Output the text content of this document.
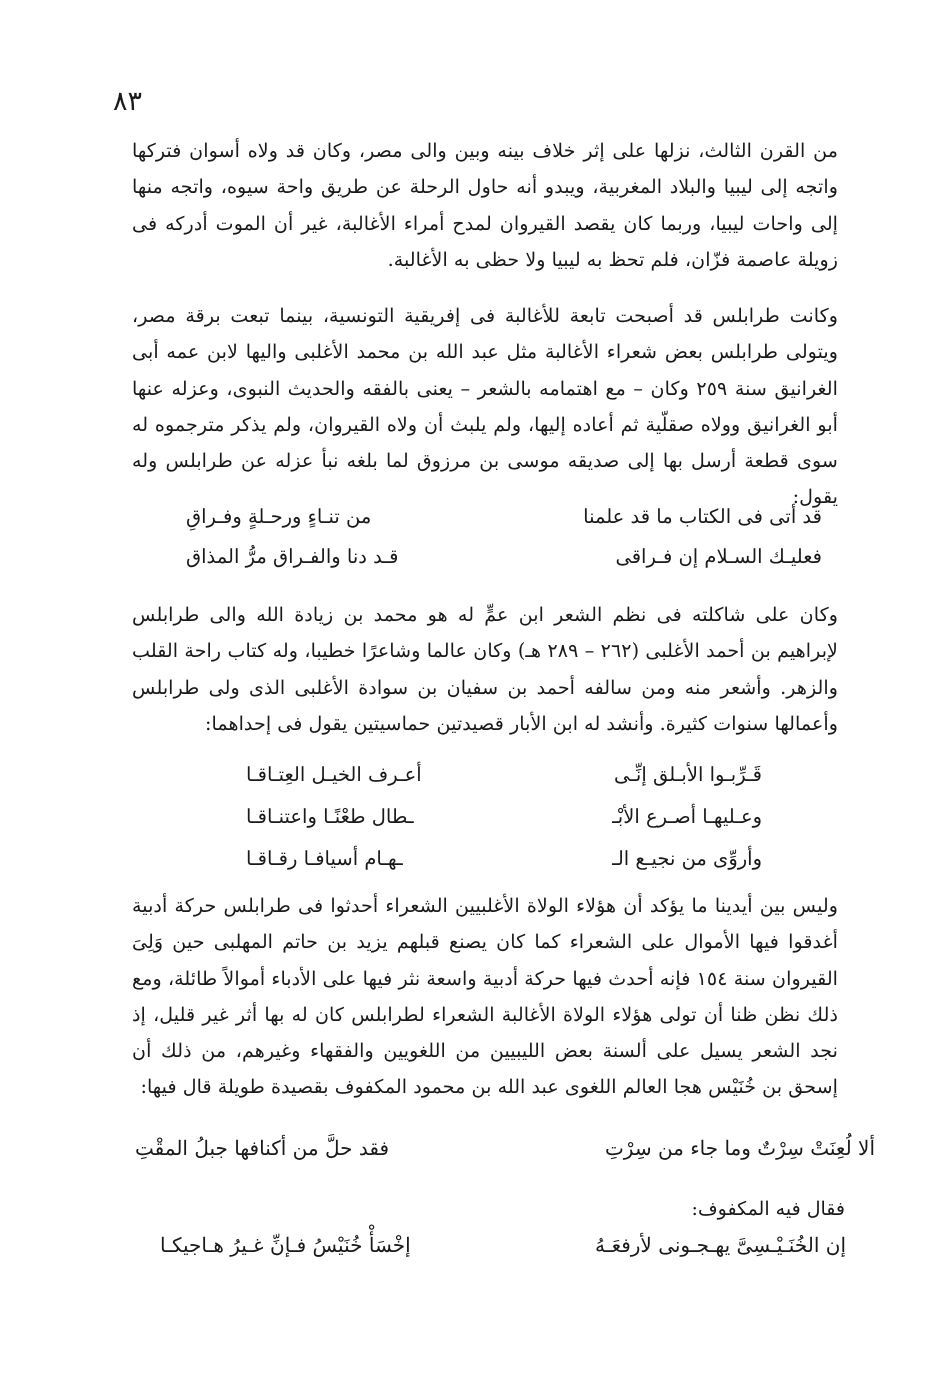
٨٣

من القرن الثالث، نزلها على إثر خلاف بينه وبين والى مصر، وكان قد ولاه أسوان فتركها واتجه إلى ليبيا والبلاد المغربية، ويبدو أنه حاول الرحلة عن طريق واحة سيوه، واتجه منها إلى واحات ليبيا، وربما كان يقصد القيروان لمدح أمراء الأغالبة، غير أن الموت أدركه فى زويلة عاصمة فزّان، فلم تحظ به ليبيا ولا حظى به الأغالبة.

وكانت طرابلس قد أصبحت تابعة للأغالبة فى إفريقية التونسية، بينما تبعت برقة مصر، ويتولى طرابلس بعض شعراء الأغالبة مثل عبد الله بن محمد الأغلبى واليها لابن عمه أبى الغرانيق سنة ٢٥٩ وكان – مع اهتمامه بالشعر – يعنى بالفقه والحديث النبوى، وعزله عنها أبو الغرانيق وولاه صقلّية ثم أعاده إليها، ولم يلبث أن ولاه القيروان، ولم يذكر مترجموه له سوى قطعة أرسل بها إلى صديقه موسى بن مرزوق لما بلغه نبأ عزله عن طرابلس وله يقول:

قد أتى فى الكتاب ما قد علمنا
من تنـاءٍ ورحـلةٍ وفـراقِ
فعليـك السـلام إن فـراقى
قـد دنا والفـراق مرُّ المذاق

وكان على شاكلته فى نظم الشعر ابن عمٍّ له هو محمد بن زيادة الله والى طرابلس لإبراهيم بن أحمد الأغلبى (٢٦٢ – ٢٨٩ هـ) وكان عالما وشاعرًا خطيبا، وله كتاب راحة القلب والزهر. وأشعر منه ومن سالفه أحمد بن سفيان بن سوادة الأغلبى الذى ولى طرابلس وأعمالها سنوات كثيرة. وأنشد له ابن الأبار قصيدتين حماسيتين يقول فى إحداهما:

قَـرِّبـوا الأبـلق إنِّـى
أعـرف الخيـل العِتـاقـا
وعـليهـا أصـرع الأبْـ
ـطال طعْنًـا واعتنـاقـا
وأروِّى من نجيـع الـ
ـهـام أسيافـا رقـاقـا

وليس بين أيدينا ما يؤكد أن هؤلاء الولاة الأغلبيين الشعراء أحدثوا فى طرابلس حركة أدبية أغدقوا فيها الأموال على الشعراء كما كان يصنع قبلهم يزيد بن حاتم المهلبى حين وَلِىَ القيروان سنة ١٥٤ فإنه أحدث فيها حركة أدبية واسعة نثر فيها على الأدباء أموالاً طائلة، ومع ذلك نظن ظنا أن تولى هؤلاء الولاة الأغالبة الشعراء لطرابلس كان له بها أثر غير قليل، إذ نجد الشعر يسيل على ألسنة بعض الليبيين من اللغويين والفقهاء وغيرهم، من ذلك أن إسحق بن خُنَيْس هجا العالم اللغوى عبد الله بن محمود المكفوف بقصيدة طويلة قال فيها:

ألا لُعِنَتْ سِرْتٌ وما جاء من سِرْتِ
فقد حلَّ من أكنافها جبلُ المقْتِ
فقال فيه المكفوف:
إن الخُنَـيْـسِىَّ يهـجـونى لأرفعَـهُ
إخْسَأْ خُنَيْسُ فـإنِّ غـيرُ هـاجيكـا
